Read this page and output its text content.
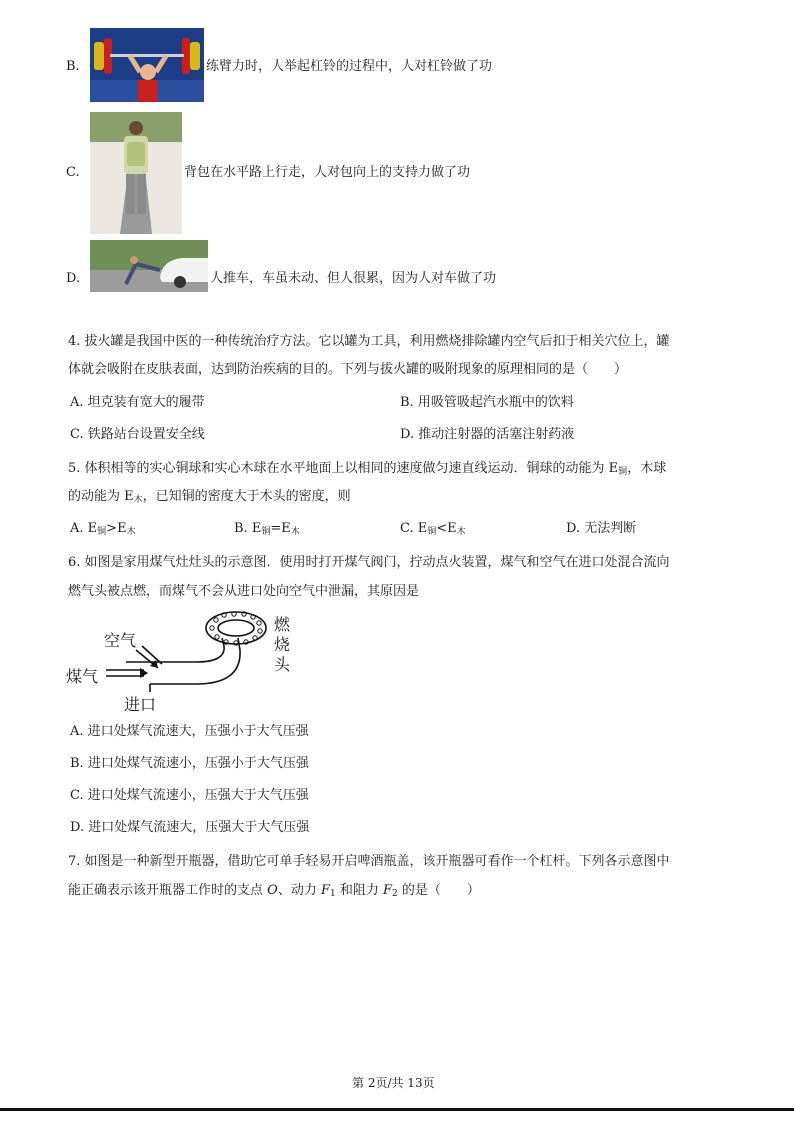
B.	练臂力时，人举起杠铃的过程中，人对杠铃做了功
C.	背包在水平路上行走，人对包向上的支持力做了功
D.	人推车，车虽未动、但人很累，因为人对车做了功
4. 拔火罐是我国中医的一种传统治疗方法。它以罐为工具，利用燃烧排除罐内空气后扣于相关穴位上，罐
体就会吸附在皮肤表面，达到防治疾病的目的。下列与拔火罐的吸附现象的原理相同的是（　　）
A. 坦克装有宽大的履带	B. 用吸管吸起汽水瓶中的饮料
C. 铁路站台设置安全线	D. 推动注射器的活塞注射药液
5. 体积相等的实心铜球和实心木球在水平地面上以相同的速度做匀速直线运动．铜球的动能为 $E_铜$，木球
的动能为 $E_木$，已知铜的密度大于木头的密度，则
A. $E_铜>E_木$	B. $E_铜=E_木$	C. $E_铜<E_木$	D. 无法判断
6. 如图是家用煤气灶灶头的示意图．使用时打开煤气阀门，拧动点火装置，煤气和空气在进口处混合流向
燃气头被点燃，而煤气不会从进口处向空气中泄漏，其原因是
空气
煤气
进口
燃
烧
头
A. 进口处煤气流速大，压强小于大气压强
B. 进口处煤气流速小，压强小于大气压强
C. 进口处煤气流速小，压强大于大气压强
D. 进口处煤气流速大，压强大于大气压强
7. 如图是一种新型开瓶器，借助它可单手轻易开启啤酒瓶盖，该开瓶器可看作一个杠杆。下列各示意图中
能正确表示该开瓶器工作时的支点 O、动力 $F_1$ 和阻力 $F_2$ 的是（　　）
第 2页/共 13页
